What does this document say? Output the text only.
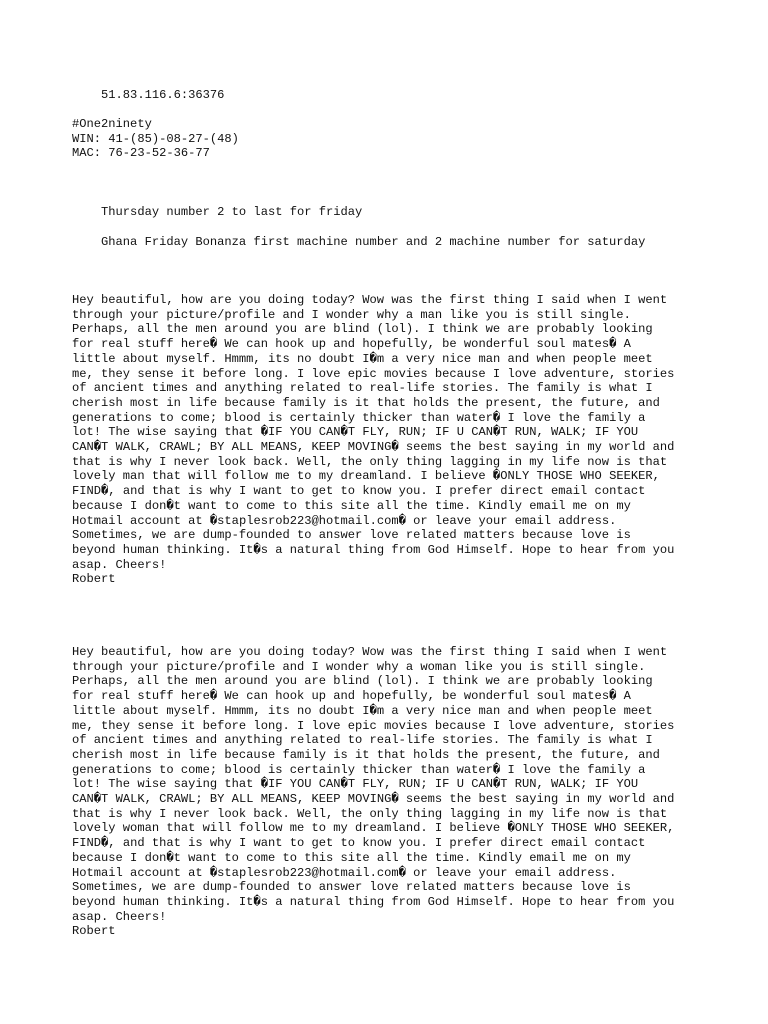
51.83.116.6:36376

#One2ninety
WIN: 41-(85)-08-27-(48)
MAC: 76-23-52-36-77

Thursday number 2 to last for friday

Ghana Friday Bonanza first machine number and 2 machine number for saturday

Hey beautiful, how are you doing today? Wow was the first thing I said when I went
through your picture/profile and I wonder why a man like you is still single.
Perhaps, all the men around you are blind (lol). I think we are probably looking
for real stuff here� We can hook up and hopefully, be wonderful soul mates� A
little about myself. Hmmm, its no doubt I�m a very nice man and when people meet
me, they sense it before long. I love epic movies because I love adventure, stories
of ancient times and anything related to real-life stories. The family is what I
cherish most in life because family is it that holds the present, the future, and
generations to come; blood is certainly thicker than water� I love the family a
lot! The wise saying that �IF YOU CAN�T FLY, RUN; IF U CAN�T RUN, WALK; IF YOU
CAN�T WALK, CRAWL; BY ALL MEANS, KEEP MOVING� seems the best saying in my world and
that is why I never look back. Well, the only thing lagging in my life now is that
lovely man that will follow me to my dreamland. I believe �ONLY THOSE WHO SEEKER,
FIND�, and that is why I want to get to know you. I prefer direct email contact
because I don�t want to come to this site all the time. Kindly email me on my
Hotmail account at �staplesrob223@hotmail.com� or leave your email address.
Sometimes, we are dump-founded to answer love related matters because love is
beyond human thinking. It�s a natural thing from God Himself. Hope to hear from you
asap. Cheers!
Robert
Hey beautiful, how are you doing today? Wow was the first thing I said when I went
through your picture/profile and I wonder why a woman like you is still single.
Perhaps, all the men around you are blind (lol). I think we are probably looking
for real stuff here� We can hook up and hopefully, be wonderful soul mates� A
little about myself. Hmmm, its no doubt I�m a very nice man and when people meet
me, they sense it before long. I love epic movies because I love adventure, stories
of ancient times and anything related to real-life stories. The family is what I
cherish most in life because family is it that holds the present, the future, and
generations to come; blood is certainly thicker than water� I love the family a
lot! The wise saying that �IF YOU CAN�T FLY, RUN; IF U CAN�T RUN, WALK; IF YOU
CAN�T WALK, CRAWL; BY ALL MEANS, KEEP MOVING� seems the best saying in my world and
that is why I never look back. Well, the only thing lagging in my life now is that
lovely woman that will follow me to my dreamland. I believe �ONLY THOSE WHO SEEKER,
FIND�, and that is why I want to get to know you. I prefer direct email contact
because I don�t want to come to this site all the time. Kindly email me on my
Hotmail account at �staplesrob223@hotmail.com� or leave your email address.
Sometimes, we are dump-founded to answer love related matters because love is
beyond human thinking. It�s a natural thing from God Himself. Hope to hear from you
asap. Cheers!
Robert
